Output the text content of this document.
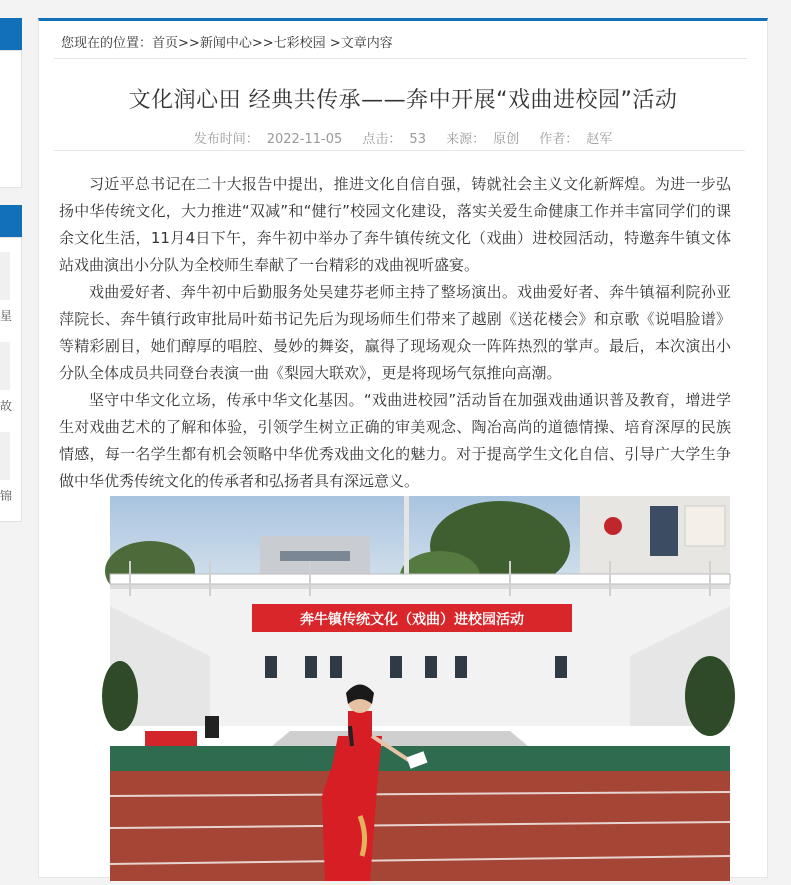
星
故
锦
您现在的位置：首页>>新闻中心>>七彩校园 >文章内容
文化润心田 经典共传承——奔中开展“戏曲进校园”活动
发布时间： 2022-11-05 点击： 53 来源： 原创 作者： 赵军

习近平总书记在二十大报告中提出，推进文化自信自强，铸就社会主义文化新辉煌。为进一步弘扬中华传统文化，大力推进“双减”和“健行”校园文化建设，落实关爱生命健康工作并丰富同学们的课余文化生活，11月4日下午，奔牛初中举办了奔牛镇传统文化（戏曲）进校园活动，特邀奔牛镇文体站戏曲演出小分队为全校师生奉献了一台精彩的戏曲视听盛宴。

戏曲爱好者、奔牛初中后勤服务处吴建芬老师主持了整场演出。戏曲爱好者、奔牛镇福利院孙亚萍院长、奔牛镇行政审批局叶茹书记先后为现场师生们带来了越剧《送花楼会》和京歌《说唱脸谱》等精彩剧目，她们醇厚的唱腔、曼妙的舞姿，赢得了现场观众一阵阵热烈的掌声。最后，本次演出小分队全体成员共同登台表演一曲《梨园大联欢》，更是将现场气氛推向高潮。

坚守中华文化立场，传承中华文化基因。“戏曲进校园”活动旨在加强戏曲通识普及教育，增进学生对戏曲艺术的了解和体验，引领学生树立正确的审美观念、陶冶高尚的道德情操、培育深厚的民族情感，每一名学生都有机会领略中华优秀戏曲文化的魅力。对于提高学生文化自信、引导广大学生争做中华优秀传统文化的传承者和弘扬者具有深远意义。

奔牛镇传统文化（戏曲）进校园活动
